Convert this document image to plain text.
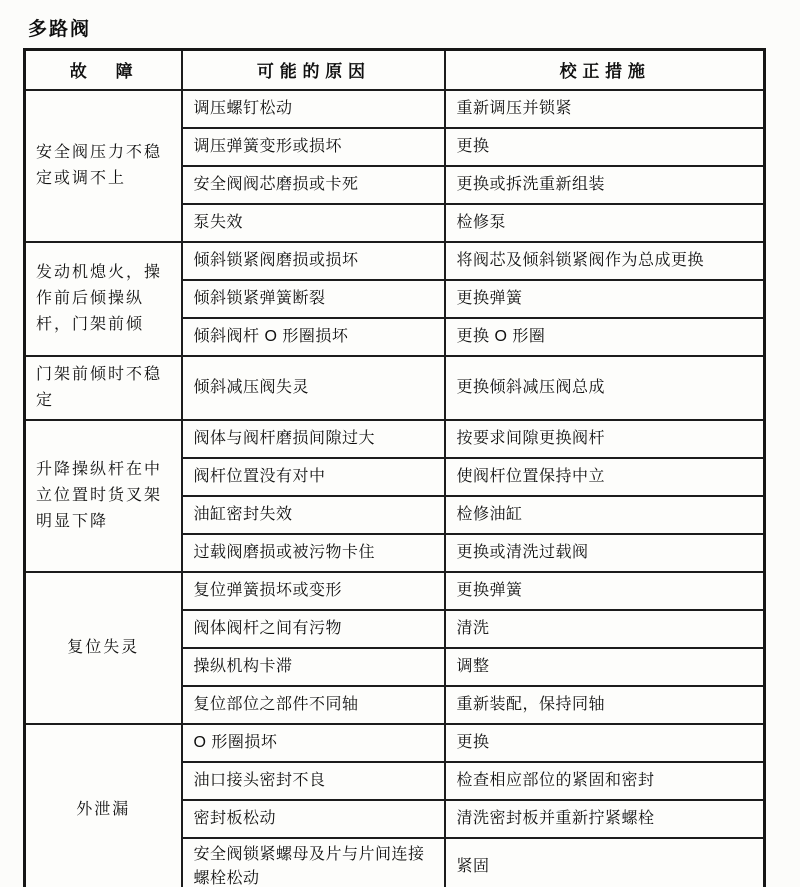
多路阀
故障	可能的原因	校正措施
安全阀压力不稳定或调不上	调压螺钉松动	重新调压并锁紧
	调压弹簧变形或损坏	更换
	安全阀阀芯磨损或卡死	更换或拆洗重新组装
	泵失效	检修泵
发动机熄火，操作前后倾操纵杆，门架前倾	倾斜锁紧阀磨损或损坏	将阀芯及倾斜锁紧阀作为总成更换
	倾斜锁紧弹簧断裂	更换弹簧
	倾斜阀杆 O 形圈损坏	更换 O 形圈
门架前倾时不稳定	倾斜减压阀失灵	更换倾斜减压阀总成
升降操纵杆在中立位置时货叉架明显下降	阀体与阀杆磨损间隙过大	按要求间隙更换阀杆
	阀杆位置没有对中	使阀杆位置保持中立
	油缸密封失效	检修油缸
	过载阀磨损或被污物卡住	更换或清洗过载阀
复位失灵	复位弹簧损坏或变形	更换弹簧
	阀体阀杆之间有污物	清洗
	操纵机构卡滞	调整
	复位部位之部件不同轴	重新装配，保持同轴
外泄漏	O 形圈损坏	更换
	油口接头密封不良	检查相应部位的紧固和密封
	密封板松动	清洗密封板并重新拧紧螺栓
	安全阀锁紧螺母及片与片间连接螺栓松动	紧固
